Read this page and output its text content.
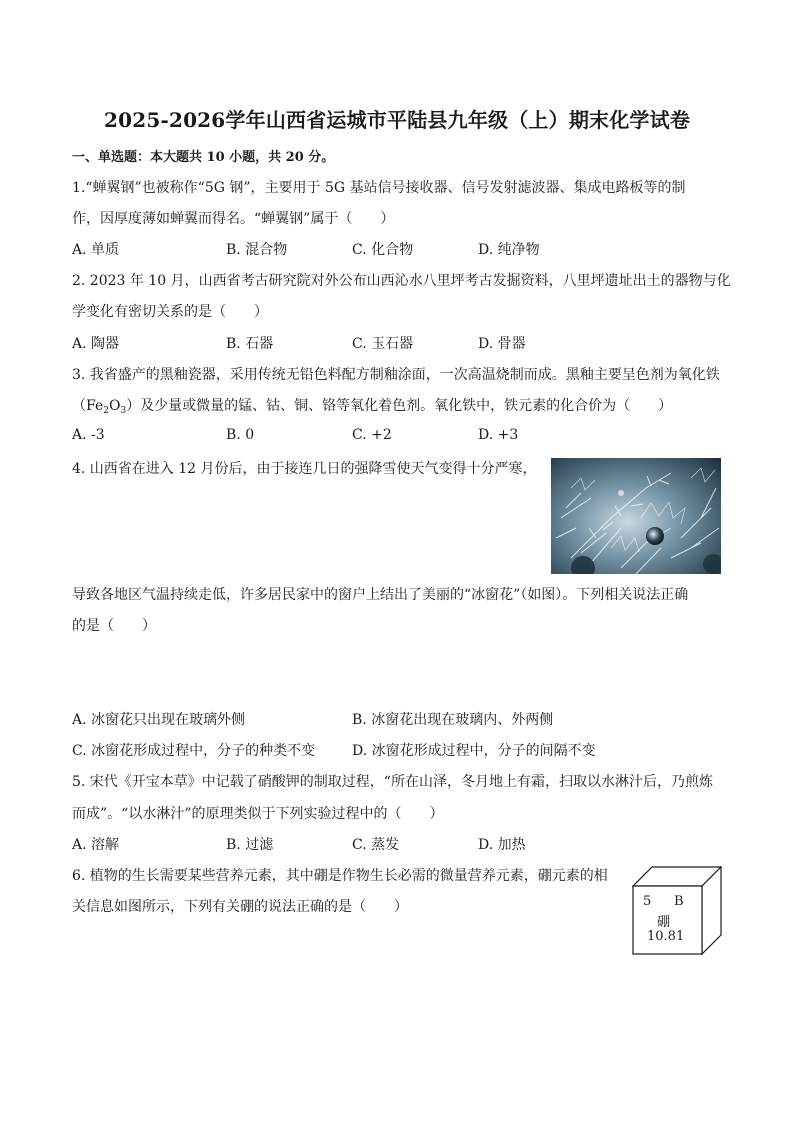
2025-2026学年山西省运城市平陆县九年级（上）期末化学试卷
一、单选题：本大题共 10 小题，共 20 分。
1.“蝉翼钢”也被称作“5G 钢”，主要用于 5G 基站信号接收器、信号发射滤波器、集成电路板等的制
作，因厚度薄如蝉翼而得名。“蝉翼钢”属于（　　）
A. 单质	B. 混合物	C. 化合物	D. 纯净物
2. 2023 年 10 月，山西省考古研究院对外公布山西沁水八里坪考古发掘资料，八里坪遗址出土的器物与化
学变化有密切关系的是（　　）
A. 陶器	B. 石器	C. 玉石器	D. 骨器
3. 我省盛产的黑釉瓷器，采用传统无铅色料配方制釉涂面，一次高温烧制而成。黑釉主要呈色剂为氧化铁
$(Fe_2O_3)$及少量或微量的锰、钴、铜、铬等氧化着色剂。氧化铁中，铁元素的化合价为（　　）
A. -3	B. 0	C. +2	D. +3
4. 山西省在进入 12 月份后，由于接连几日的强降雪使天气变得十分严寒，
导致各地区气温持续走低，许多居民家中的窗户上结出了美丽的“冰窗花”（如图）。下列相关说法正确
的是（　　）
A. 冰窗花只出现在玻璃外侧	B. 冰窗花出现在玻璃内、外两侧
C. 冰窗花形成过程中，分子的种类不变	D. 冰窗花形成过程中，分子的间隔不变
5. 宋代《开宝本草》中记载了硝酸钾的制取过程，“所在山泽，冬月地上有霜，扫取以水淋汁后，乃煎炼
而成”。“以水淋汁”的原理类似于下列实验过程中的（　　）
A. 溶解	B. 过滤	C. 蒸发	D. 加热
6. 植物的生长需要某些营养元素，其中硼是作物生长必需的微量营养元素，硼元素的相
关信息如图所示，下列有关硼的说法正确的是（　　）	5 B
硼
10.81
